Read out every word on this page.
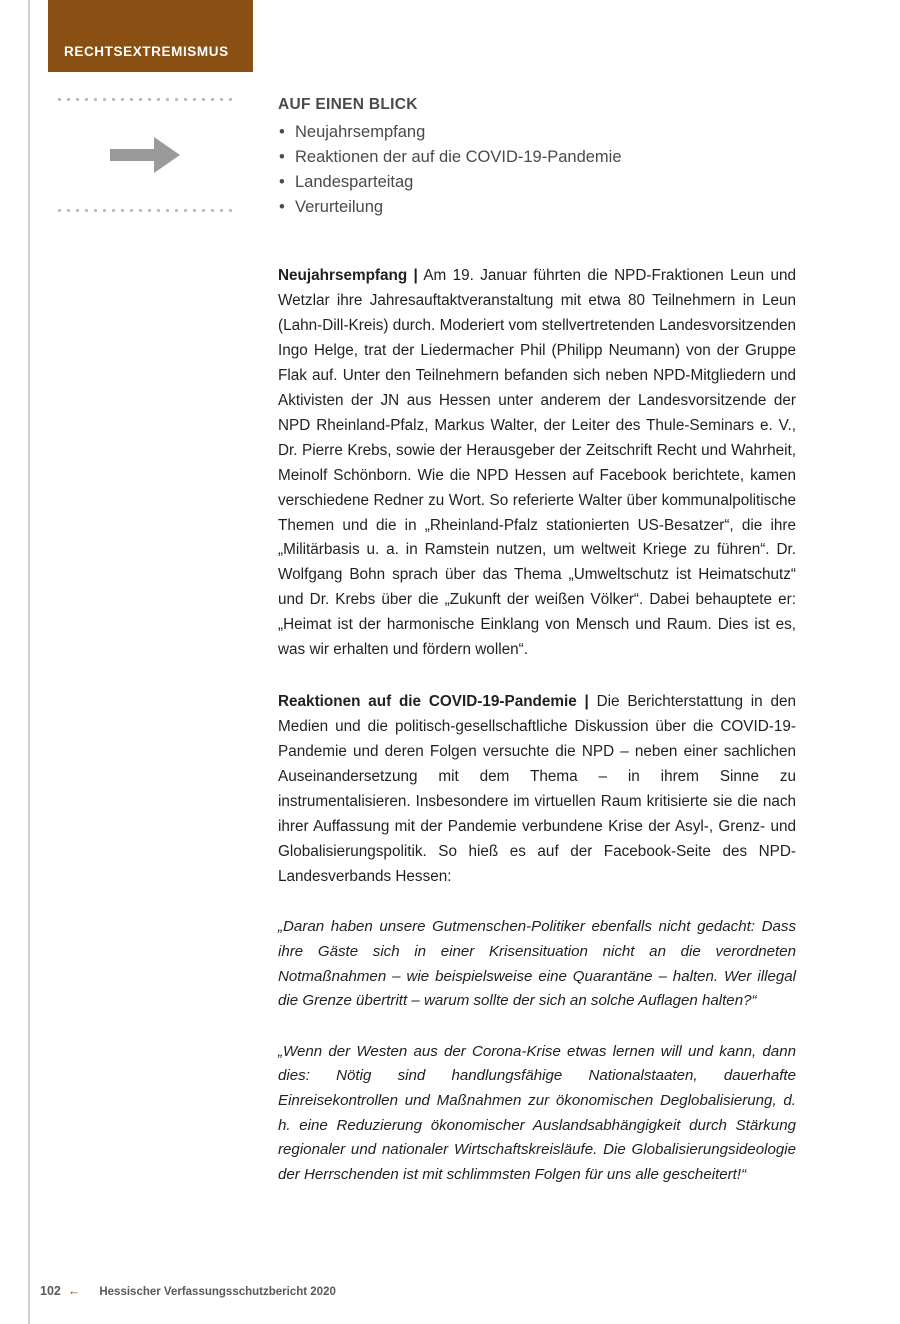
RECHTSEXTREMISMUS
AUF EINEN BLICK
• Neujahrsempfang
• Reaktionen der auf die COVID-19-Pandemie
• Landesparteitag
• Verurteilung

Neujahrsempfang | Am 19. Januar führten die NPD-Fraktionen Leun und Wetzlar ihre Jahresauftaktveranstaltung mit etwa 80 Teilnehmern in Leun (Lahn-Dill-Kreis) durch. Moderiert vom stellvertretenden Landesvorsitzenden Ingo Helge, trat der Liedermacher Phil (Philipp Neumann) von der Gruppe Flak auf. Unter den Teilnehmern befanden sich neben NPD-Mitgliedern und Aktivisten der JN aus Hessen unter anderem der Landesvorsitzende der NPD Rheinland-Pfalz, Markus Walter, der Leiter des Thule-Seminars e. V., Dr. Pierre Krebs, sowie der Herausgeber der Zeitschrift Recht und Wahrheit, Meinolf Schönborn. Wie die NPD Hessen auf Facebook berichtete, kamen verschiedene Redner zu Wort. So referierte Walter über kommunalpolitische Themen und die in „Rheinland-Pfalz stationierten US-Besatzer“, die ihre „Militärbasis u. a. in Ramstein nutzen, um weltweit Kriege zu führen“. Dr. Wolfgang Bohn sprach über das Thema „Umweltschutz ist Heimatschutz“ und Dr. Krebs über die „Zukunft der weißen Völker“. Dabei behauptete er: „Heimat ist der harmonische Einklang von Mensch und Raum. Dies ist es, was wir erhalten und fördern wollen“.

Reaktionen auf die COVID-19-Pandemie | Die Berichterstattung in den Medien und die politisch-gesellschaftliche Diskussion über die COVID-19-Pandemie und deren Folgen versuchte die NPD – neben einer sachlichen Auseinandersetzung mit dem Thema – in ihrem Sinne zu instrumentalisieren. Insbesondere im virtuellen Raum kritisierte sie die nach ihrer Auffassung mit der Pandemie verbundene Krise der Asyl-, Grenz- und Globalisierungspolitik. So hieß es auf der Facebook-Seite des NPD-Landesverbands Hessen:

„Daran haben unsere Gutmenschen-Politiker ebenfalls nicht gedacht: Dass ihre Gäste sich in einer Krisensituation nicht an die verordneten Notmaßnahmen – wie beispielsweise eine Quarantäne – halten. Wer illegal die Grenze übertritt – warum sollte der sich an solche Auflagen halten?“

„Wenn der Westen aus der Corona-Krise etwas lernen will und kann, dann dies: Nötig sind handlungsfähige Nationalstaaten, dauerhafte Einreisekontrollen und Maßnahmen zur ökonomischen Deglobalisierung, d. h. eine Reduzierung ökonomischer Auslandsabhängigkeit durch Stärkung regionaler und nationaler Wirtschaftskreisläufe. Die Globalisierungsideologie der Herrschenden ist mit schlimmsten Folgen für uns alle gescheitert!“

102 ← Hessischer Verfassungsschutzbericht 2020
